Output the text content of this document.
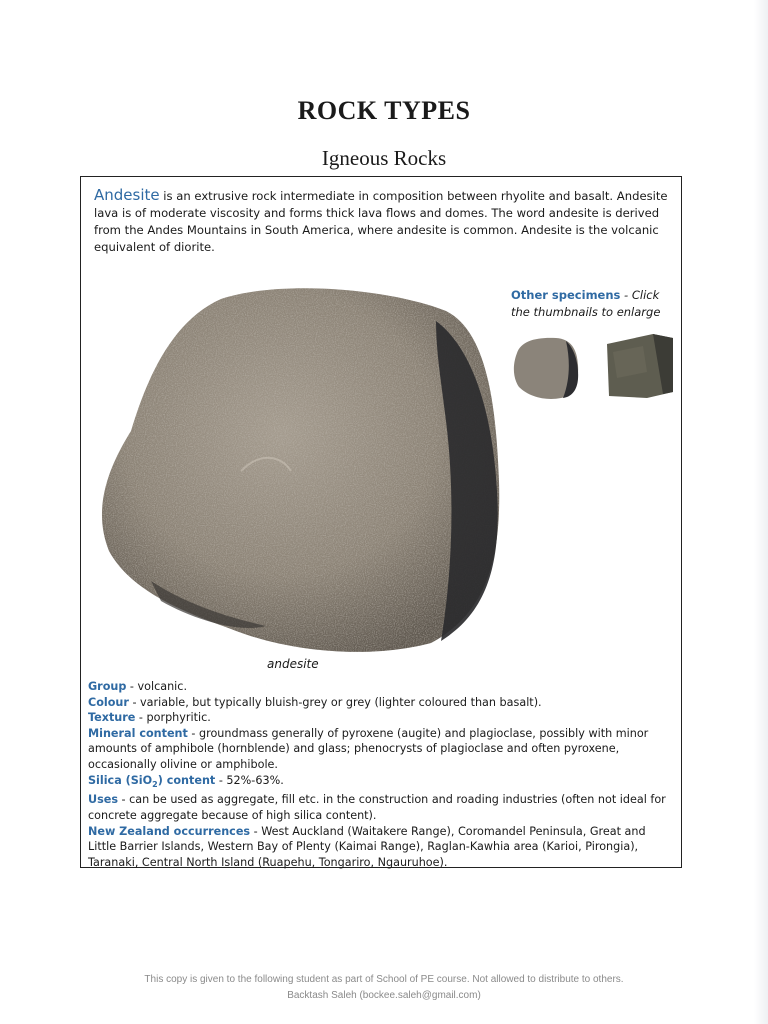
ROCK TYPES
Igneous Rocks
Andesite is an extrusive rock intermediate in composition between rhyolite and basalt. Andesite lava is of moderate viscosity and forms thick lava flows and domes. The word andesite is derived from the Andes Mountains in South America, where andesite is common. Andesite is the volcanic equivalent of diorite.
andesite
Other specimens - Click the thumbnails to enlarge

Group - volcanic.

Colour - variable, but typically bluish-grey or grey (lighter coloured than basalt).

Texture - porphyritic.

Mineral content - groundmass generally of pyroxene (augite) and plagioclase, possibly with minor amounts of amphibole (hornblende) and glass; phenocrysts of plagioclase and often pyroxene, occasionally olivine or amphibole.

Silica (SiO$_2$) content - 52%-63%.

Uses - can be used as aggregate, fill etc. in the construction and roading industries (often not ideal for concrete aggregate because of high silica content).

New Zealand occurrences - West Auckland (Waitakere Range), Coromandel Peninsula, Great and Little Barrier Islands, Western Bay of Plenty (Kaimai Range), Raglan-Kawhia area (Karioi, Pirongia), Taranaki, Central North Island (Ruapehu, Tongariro, Ngauruhoe).

This copy is given to the following student as part of School of PE course. Not allowed to distribute to others.
Backtash Saleh (bockee.saleh@gmail.com)
